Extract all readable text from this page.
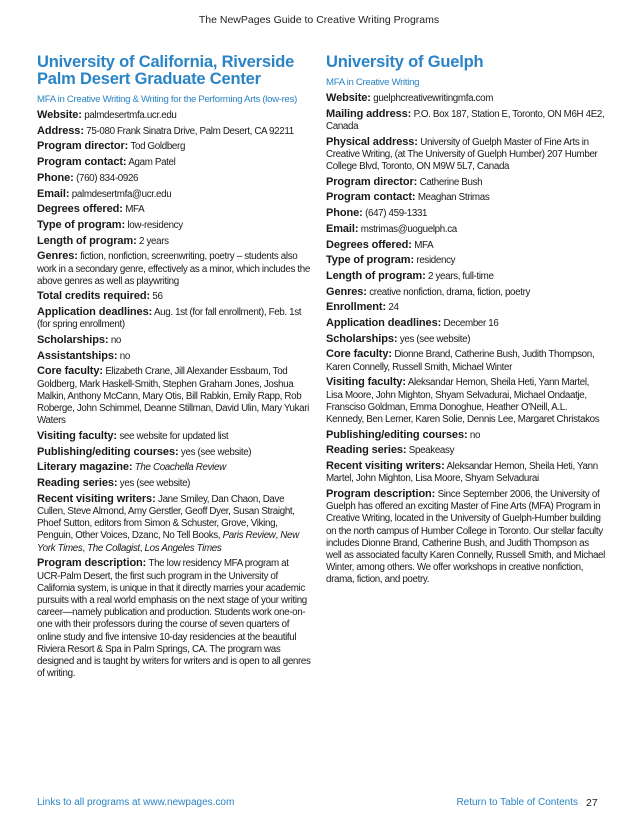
The NewPages Guide to Creative Writing Programs
University of California, Riverside Palm Desert Graduate Center
MFA in Creative Writing & Writing for the Performing Arts (low-res)
Website: palmdesertmfa.ucr.edu
Address: 75-080 Frank Sinatra Drive, Palm Desert, CA 92211
Program director: Tod Goldberg
Program contact: Agam Patel
Phone: (760) 834-0926
Email: palmdesertmfa@ucr.edu
Degrees offered: MFA
Type of program: low-residency
Length of program: 2 years
Genres: fiction, nonfiction, screenwriting, poetry – students also work in a secondary genre, effectively as a minor, which includes the above genres as well as playwriting
Total credits required: 56
Application deadlines: Aug. 1st (for fall enrollment), Feb. 1st (for spring enrollment)
Scholarships: no
Assistantships: no
Core faculty: Elizabeth Crane, Jill Alexander Essbaum, Tod Goldberg, Mark Haskell-Smith, Stephen Graham Jones, Joshua Malkin, Anthony McCann, Mary Otis, Bill Rabkin, Emily Rapp, Rob Roberge, John Schimmel, Deanne Stillman, David Ulin, Mary Yukari Waters
Visiting faculty: see website for updated list
Publishing/editing courses: yes (see website)
Literary magazine: The Coachella Review
Reading series: yes (see website)
Recent visiting writers: Jane Smiley, Dan Chaon, Dave Cullen, Steve Almond, Amy Gerstler, Geoff Dyer, Susan Straight, Phoef Sutton, editors from Simon & Schuster, Grove, Viking, Penguin, Other Voices, Dzanc, No Tell Books, Paris Review, New York Times, The Collagist, Los Angeles Times
Program description: The low residency MFA program at UCR-Palm Desert, the first such program in the University of California system, is unique in that it directly marries your academic pursuits with a real world emphasis on the next stage of your writing career—namely publication and production. Students work one-on-one with their professors during the course of seven quarters of online study and five intensive 10-day residencies at the beautiful Riviera Resort & Spa in Palm Springs, CA. The program was designed and is taught by writers for writers and is open to all genres of writing.
University of Guelph
MFA in Creative Writing
Website: guelphcreativewritingmfa.com
Mailing address: P.O. Box 187, Station E, Toronto, ON M6H 4E2, Canada
Physical address: University of Guelph Master of Fine Arts in Creative Writing, (at The University of Guelph Humber) 207 Humber College Blvd, Toronto, ON M9W 5L7, Canada
Program director: Catherine Bush
Program contact: Meaghan Strimas
Phone: (647) 459-1331
Email: mstrimas@uoguelph.ca
Degrees offered: MFA
Type of program: residency
Length of program: 2 years, full-time
Genres: creative nonfiction, drama, fiction, poetry
Enrollment: 24
Application deadlines: December 16
Scholarships: yes (see website)
Core faculty: Dionne Brand, Catherine Bush, Judith Thompson, Karen Connelly, Russell Smith, Michael Winter
Visiting faculty: Aleksandar Hemon, Sheila Heti, Yann Martel, Lisa Moore, John Mighton, Shyam Selvadurai, Michael Ondaatje, Fransciso Goldman, Emma Donoghue, Heather O'Neill, A.L. Kennedy, Ben Lerner, Karen Solie, Dennis Lee, Margaret Christakos
Publishing/editing courses: no
Reading series: Speakeasy
Recent visiting writers: Aleksandar Hemon, Sheila Heti, Yann Martel, John Mighton, Lisa Moore, Shyam Selvadurai
Program description: Since September 2006, the University of Guelph has offered an exciting Master of Fine Arts (MFA) Program in Creative Writing, located in the University of Guelph-Humber building on the north campus of Humber College in Toronto. Our stellar faculty includes Dionne Brand, Catherine Bush, and Judith Thompson as well as associated faculty Karen Connelly, Russell Smith, and Michael Winter, among others. We offer workshops in creative nonfiction, drama, fiction, and poetry.
Links to all programs at www.newpages.com	Return to Table of Contents 27
